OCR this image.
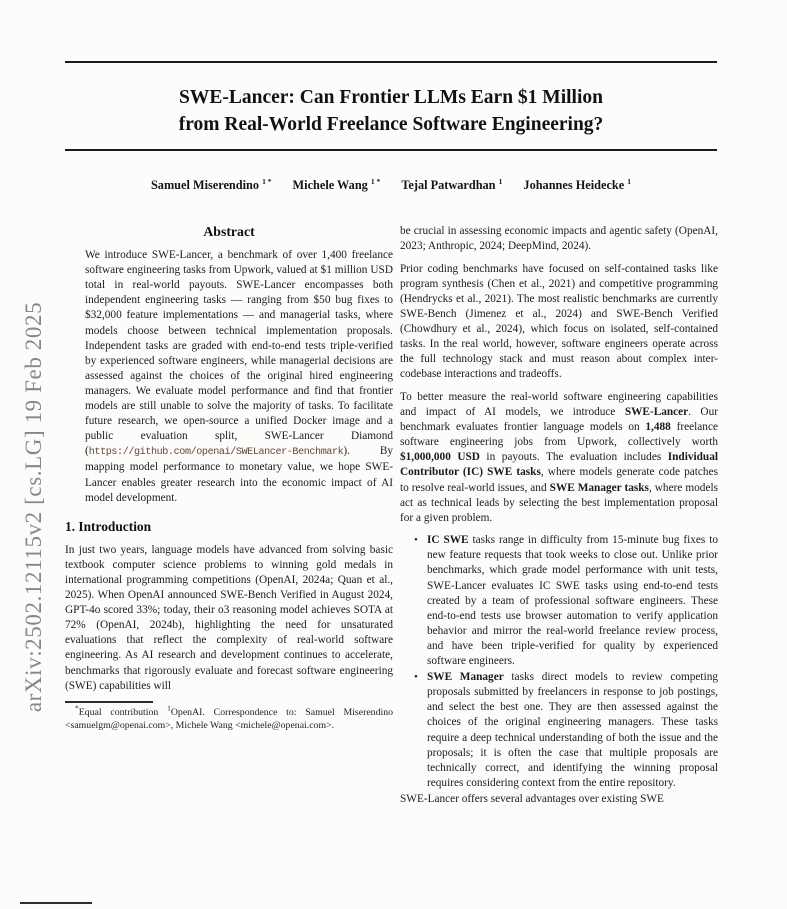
arXiv:2502.12115v2 [cs.LG] 19 Feb 2025
SWE-Lancer: Can Frontier LLMs Earn $1 Million
from Real-World Freelance Software Engineering?
Samuel Miserendino $^{1 *}$ Michele Wang $^{1 *}$ Tejal Patwardhan $^1$ Johannes Heidecke $^1$
Abstract

We introduce SWE-Lancer, a benchmark of over 1,400 freelance software engineering tasks from Upwork, valued at $1 million USD total in real-world payouts. SWE-Lancer encompasses both independent engineering tasks — ranging from $50 bug fixes to $32,000 feature implementations — and managerial tasks, where models choose between technical implementation proposals. Independent tasks are graded with end-to-end tests triple-verified by experienced software engineers, while managerial decisions are assessed against the choices of the original hired engineering managers. We evaluate model performance and find that frontier models are still unable to solve the majority of tasks. To facilitate future research, we open-source a unified Docker image and a public evaluation split, SWE-Lancer Diamond (https://github.com/openai/SWELancer-Benchmark). By mapping model performance to monetary value, we hope SWE-Lancer enables greater research into the economic impact of AI model development.

1. Introduction

In just two years, language models have advanced from solving basic textbook computer science problems to winning gold medals in international programming competitions (OpenAI, 2024a; Quan et al., 2025). When OpenAI announced SWE-Bench Verified in August 2024, GPT-4o scored 33%; today, their o3 reasoning model achieves SOTA at 72% (OpenAI, 2024b), highlighting the need for unsaturated evaluations that reflect the complexity of real-world software engineering. As AI research and development continues to accelerate, benchmarks that rigorously evaluate and forecast software engineering (SWE) capabilities will

*Equal contribution $^1$OpenAI. Correspondence to: Samuel Miserendino <samuelgm@openai.com>, Michele Wang <michele@openai.com>.

be crucial in assessing economic impacts and agentic safety (OpenAI, 2023; Anthropic, 2024; DeepMind, 2024).

Prior coding benchmarks have focused on self-contained tasks like program synthesis (Chen et al., 2021) and competitive programming (Hendrycks et al., 2021). The most realistic benchmarks are currently SWE-Bench (Jimenez et al., 2024) and SWE-Bench Verified (Chowdhury et al., 2024), which focus on isolated, self-contained tasks. In the real world, however, software engineers operate across the full technology stack and must reason about complex inter-codebase interactions and tradeoffs.

To better measure the real-world software engineering capabilities and impact of AI models, we introduce SWE-Lancer. Our benchmark evaluates frontier language models on 1,488 freelance software engineering jobs from Upwork, collectively worth $1,000,000 USD in payouts. The evaluation includes Individual Contributor (IC) SWE tasks, where models generate code patches to resolve real-world issues, and SWE Manager tasks, where models act as technical leads by selecting the best implementation proposal for a given problem.

• IC SWE tasks range in difficulty from 15-minute bug fixes to new feature requests that took weeks to close out. Unlike prior benchmarks, which grade model performance with unit tests, SWE-Lancer evaluates IC SWE tasks using end-to-end tests created by a team of professional software engineers. These end-to-end tests use browser automation to verify application behavior and mirror the real-world freelance review process, and have been triple-verified for quality by experienced software engineers.
• SWE Manager tasks direct models to review competing proposals submitted by freelancers in response to job postings, and select the best one. They are then assessed against the choices of the original engineering managers. These tasks require a deep technical understanding of both the issue and the proposals; it is often the case that multiple proposals are technically correct, and identifying the winning proposal requires considering context from the entire repository.

SWE-Lancer offers several advantages over existing SWE
